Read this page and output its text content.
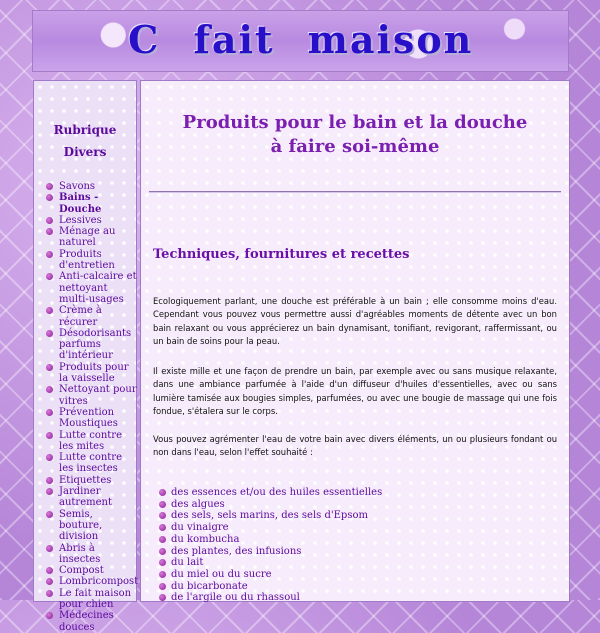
C fait maison
Rubrique
Divers
Savons
Bains - Douche
Lessives
Ménage au naturel
Produits d'entretien
Anti-calcaire et nettoyant multi-usages
Crème à récurer
Désodorisants parfums d'intérieur
Produits pour la vaisselle
Nettoyant pour vitres
Prévention Moustiques
Lutte contre les mites
Lutte contre les insectes
Etiquettes
Jardiner autrement
Semis, bouture, division
Abris à insectes
Compost
Lombricompost
Le fait maison pour chien
Médecines douces
Produits pour le bain et la douche
à faire soi-même
Techniques, fournitures et recettes

Ecologiquement parlant, une douche est préférable à un bain ; elle consomme moins d'eau. Cependant vous pouvez vous permettre aussi d'agréables moments de détente avec un bon bain relaxant ou vous apprécierez un bain dynamisant, tonifiant, revigorant, raffermissant, ou un bain de soins pour la peau.

Il existe mille et une façon de prendre un bain, par exemple avec ou sans musique relaxante, dans une ambiance parfumée à l'aide d'un diffuseur d'huiles d'essentielles, avec ou sans lumière tamisée aux bougies simples, parfumées, ou avec une bougie de massage qui une fois fondue, s'étalera sur le corps.

Vous pouvez agrémenter l'eau de votre bain avec divers éléments, un ou plusieurs fondant ou non dans l'eau, selon l'effet souhaité :

des essences et/ou des huiles essentielles
des algues
des sels, sels marins, des sels d'Epsom
du vinaigre
du kombucha
des plantes, des infusions
du lait
du miel ou du sucre
du bicarbonate
de l'argile ou du rhassoul
